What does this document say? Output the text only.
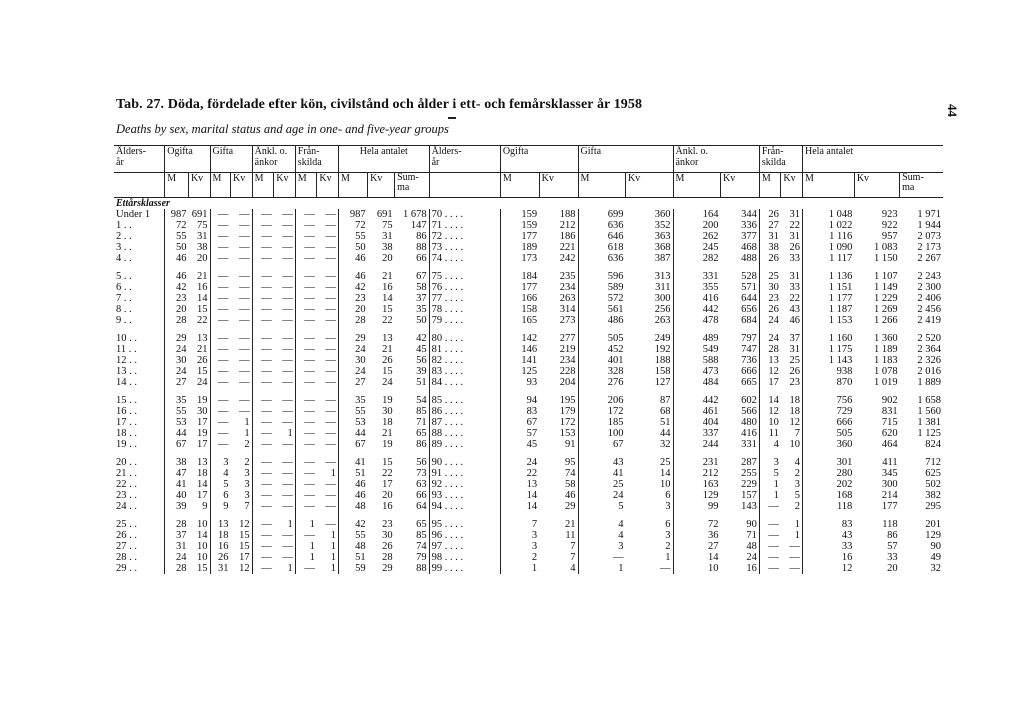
Tab. 27. Döda, fördelade efter kön, civilstånd och ålder i ett- och femårsklasser år 1958
Deaths by sex, marital status and age in one- and five-year groups
44
Ålders-
år	Ogifta		Gifta		Änkl. o.
änkor		Från-
skilda		Hela antalet			Ålders-
år	Ogifta		Gifta		Änkl. o.
änkor		Från-
skilda		Hela antalet		
	M	Kv	M	Kv	M	Kv	M	Kv	M	Kv	Sum-
ma		M	Kv	M	Kv	M	Kv	M	Kv	M	Kv	Sum-
ma
Ettårsklasser																							
Under 1	987	691	—	—	—	—	—	—	987	691	1 678	70 . . . .	159	188	699	360	164	344	26	31	1 048	923	1 971
1 . .	72	75	—	—	—	—	—	—	72	75	147	71 . . . .	159	212	636	352	200	336	27	22	1 022	922	1 944
2 . .	55	31	—	—	—	—	—	—	55	31	86	72 . . . .	177	186	646	363	262	377	31	31	1 116	957	2 073
3 . .	50	38	—	—	—	—	—	—	50	38	88	73 . . . .	189	221	618	368	245	468	38	26	1 090	1 083	2 173
4 . .	46	20	—	—	—	—	—	—	46	20	66	74 . . . .	173	242	636	387	282	488	26	33	1 117	1 150	2 267
5 . .	46	21	—	—	—	—	—	—	46	21	67	75 . . . .	184	235	596	313	331	528	25	31	1 136	1 107	2 243
6 . .	42	16	—	—	—	—	—	—	42	16	58	76 . . . .	177	234	589	311	355	571	30	33	1 151	1 149	2 300
7 . .	23	14	—	—	—	—	—	—	23	14	37	77 . . . .	166	263	572	300	416	644	23	22	1 177	1 229	2 406
8 . .	20	15	—	—	—	—	—	—	20	15	35	78 . . . .	158	314	561	256	442	656	26	43	1 187	1 269	2 456
9 . .	28	22	—	—	—	—	—	—	28	22	50	79 . . . .	165	273	486	263	478	684	24	46	1 153	1 266	2 419
10 . .	29	13	—	—	—	—	—	—	29	13	42	80 . . . .	142	277	505	249	489	797	24	37	1 160	1 360	2 520
11 . .	24	21	—	—	—	—	—	—	24	21	45	81 . . . .	146	219	452	192	549	747	28	31	1 175	1 189	2 364
12 . .	30	26	—	—	—	—	—	—	30	26	56	82 . . . .	141	234	401	188	588	736	13	25	1 143	1 183	2 326
13 . .	24	15	—	—	—	—	—	—	24	15	39	83 . . . .	125	228	328	158	473	666	12	26	938	1 078	2 016
14 . .	27	24	—	—	—	—	—	—	27	24	51	84 . . . .	93	204	276	127	484	665	17	23	870	1 019	1 889
15 . .	35	19	—	—	—	—	—	—	35	19	54	85 . . . .	94	195	206	87	442	602	14	18	756	902	1 658
16 . .	55	30	—	—	—	—	—	—	55	30	85	86 . . . .	83	179	172	68	461	566	12	18	729	831	1 560
17 . .	53	17	—	1	—	—	—	—	53	18	71	87 . . . .	67	172	185	51	404	480	10	12	666	715	1 381
18 . .	44	19	—	1	—	1	—	—	44	21	65	88 . . . .	57	153	100	44	337	416	11	7	505	620	1 125
19 . .	67	17	—	2	—	—	—	—	67	19	86	89 . . . .	45	91	67	32	244	331	4	10	360	464	824
20 . .	38	13	3	2	—	—	—	—	41	15	56	90 . . . .	24	95	43	25	231	287	3	4	301	411	712
21 . .	47	18	4	3	—	—	—	1	51	22	73	91 . . . .	22	74	41	14	212	255	5	2	280	345	625
22 . .	41	14	5	3	—	—	—	—	46	17	63	92 . . . .	13	58	25	10	163	229	1	3	202	300	502
23 . .	40	17	6	3	—	—	—	—	46	20	66	93 . . . .	14	46	24	6	129	157	1	5	168	214	382
24 . .	39	9	9	7	—	—	—	—	48	16	64	94 . . . .	14	29	5	3	99	143	—	2	118	177	295
25 . .	28	10	13	12	—	1	1	—	42	23	65	95 . . . .	7	21	4	6	72	90	—	1	83	118	201
26 . .	37	14	18	15	—	—	—	1	55	30	85	96 . . . .	3	11	4	3	36	71	—	1	43	86	129
27 . .	31	10	16	15	—	—	1	1	48	26	74	97 . . . .	3	7	3	2	27	48	—	—	33	57	90
28 . .	24	10	26	17	—	—	1	1	51	28	79	98 . . . .	2	7	—	1	14	24	—	—	16	33	49
29 . .	28	15	31	12	—	1	—	1	59	29	88	99 . . . .	1	4	1	—	10	16	—	—	12	20	32
